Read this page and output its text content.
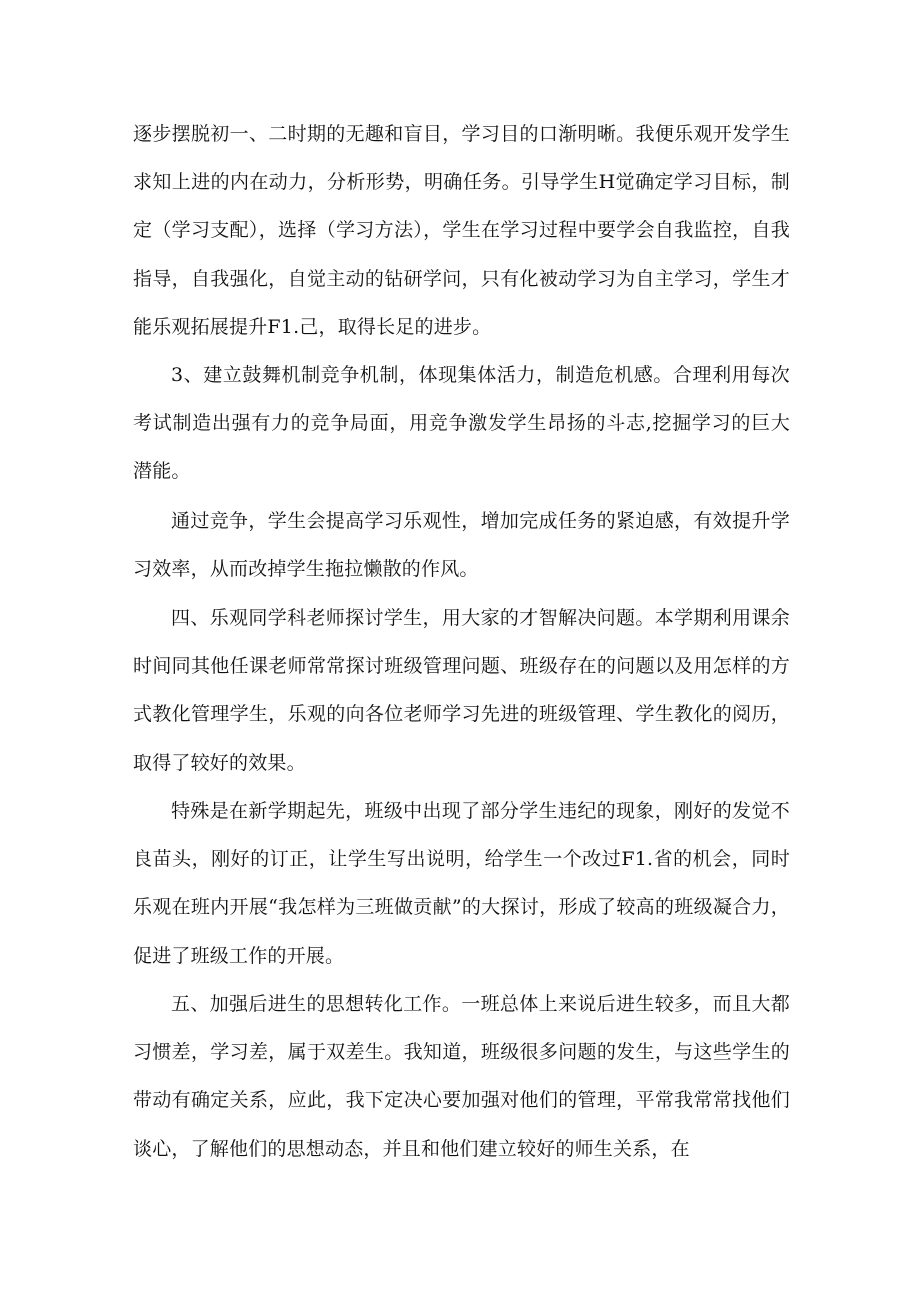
逐步摆脱初一、二时期的无趣和盲目，学习目的口渐明晰。我便乐观开发学生求知上进的内在动力，分析形势，明确任务。引导学生H觉确定学习目标，制定（学习支配），选择（学习方法），学生在学习过程中要学会自我监控，自我指导，自我强化，自觉主动的钻研学问，只有化被动学习为自主学习，学生才能乐观拓展提升F1.己，取得长足的进步。

3、建立鼓舞机制竞争机制，体现集体活力，制造危机感。合理利用每次考试制造出强有力的竞争局面，用竞争激发学生昂扬的斗志,挖掘学习的巨大潜能。

通过竞争，学生会提高学习乐观性，增加完成任务的紧迫感，有效提升学习效率，从而改掉学生拖拉懒散的作风。

四、乐观同学科老师探讨学生，用大家的才智解决问题。本学期利用课余时间同其他任课老师常常探讨班级管理问题、班级存在的问题以及用怎样的方式教化管理学生，乐观的向各位老师学习先进的班级管理、学生教化的阅历，取得了较好的效果。

特殊是在新学期起先，班级中出现了部分学生违纪的现象，刚好的发觉不良苗头，刚好的订正，让学生写出说明，给学生一个改过F1.省的机会，同时乐观在班内开展“我怎样为三班做贡献”的大探讨，形成了较高的班级凝合力，促进了班级工作的开展。

五、加强后进生的思想转化工作。一班总体上来说后进生较多，而且大都习惯差，学习差，属于双差生。我知道，班级很多问题的发生，与这些学生的带动有确定关系，应此，我下定决心要加强对他们的管理，平常我常常找他们谈心，了解他们的思想动态，并且和他们建立较好的师生关系，在
